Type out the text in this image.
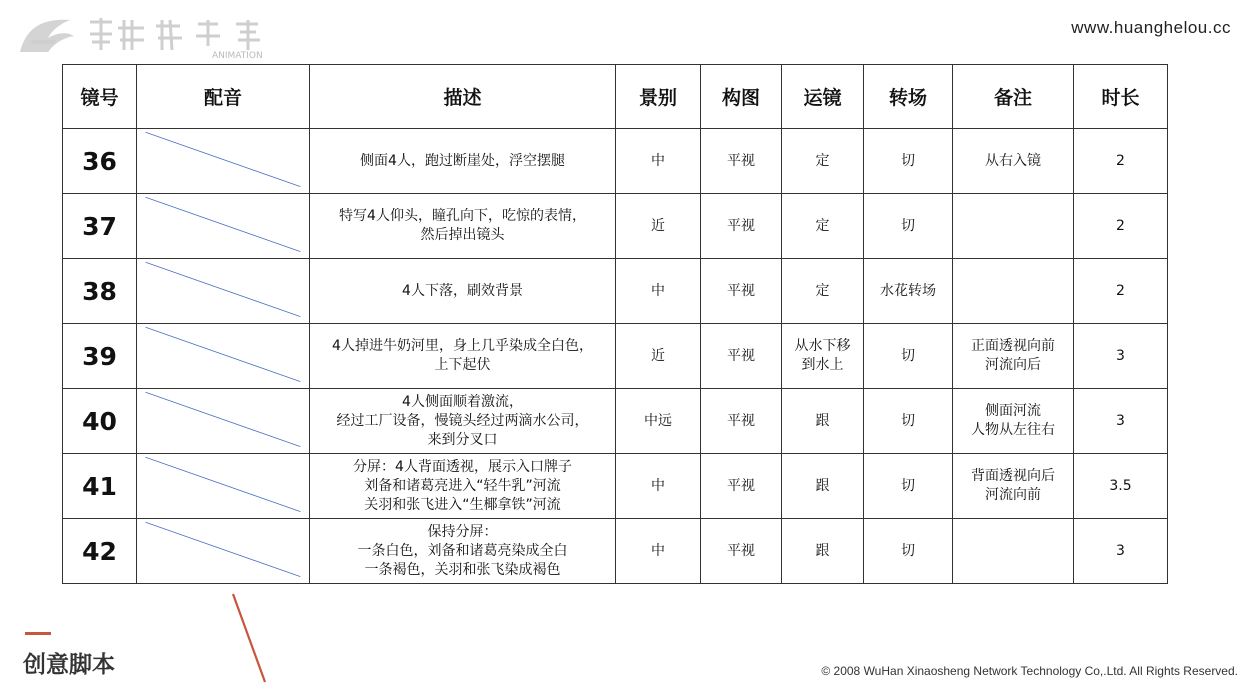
ANIMATION
www.huanghelou.cc
镜号	配音	描述	景别	构图	运镜	转场	备注	时长
36		侧面4人，跑过断崖处，浮空摆腿	中	平视	定	切	从右入镜	2
37		特写4人仰头，瞳孔向下，吃惊的表情，
然后掉出镜头	近	平视	定	切		2
38		4人下落，刷效背景	中	平视	定	水花转场		2
39		4人掉进牛奶河里，身上几乎染成全白色，
上下起伏	近	平视	从水下移
到水上	切	正面透视向前
河流向后	3
40		4人侧面顺着激流，
经过工厂设备，慢镜头经过两滴水公司，
来到分叉口	中远	平视	跟	切	侧面河流
人物从左往右	3
41		分屏：4人背面透视，展示入口牌子
刘备和诸葛亮进入“轻牛乳”河流
关羽和张飞进入“生椰拿铁”河流	中	平视	跟	切	背面透视向后
河流向前	3.5
42		保持分屏：
一条白色，刘备和诸葛亮染成全白
一条褐色，关羽和张飞染成褐色	中	平视	跟	切		3
创意脚本	© 2008 WuHan Xinaosheng Network Technology Co,.Ltd. All Rights Reserved.
